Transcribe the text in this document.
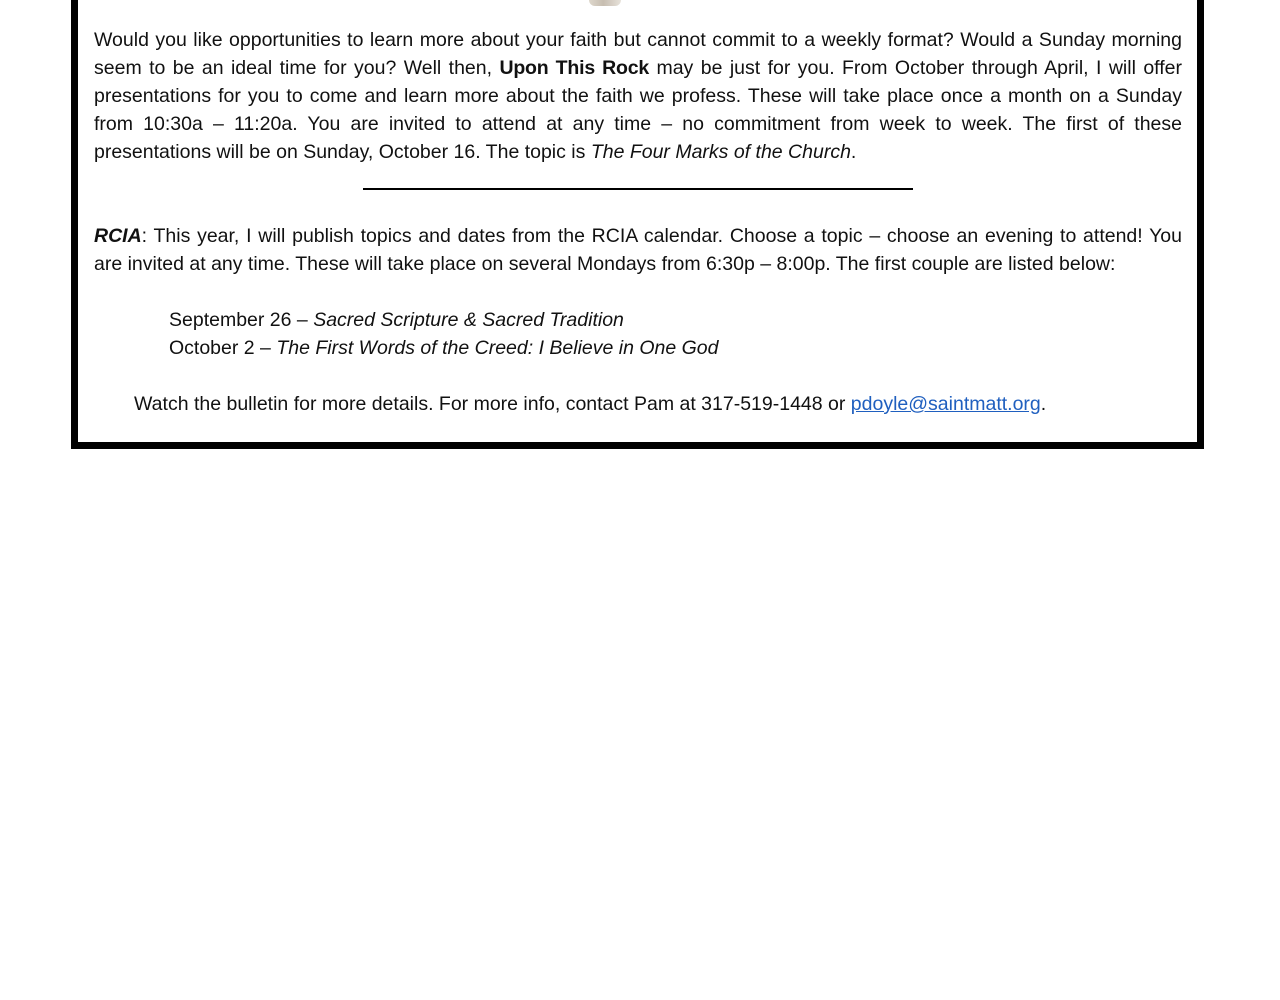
Would you like opportunities to learn more about your faith but cannot commit to a weekly format? Would a Sunday morning seem to be an ideal time for you? Well then, Upon This Rock may be just for you. From October through April, I will offer presentations for you to come and learn more about the faith we profess. These will take place once a month on a Sunday from 10:30a – 11:20a. You are invited to attend at any time – no commitment from week to week. The first of these presentations will be on Sunday, October 16. The topic is The Four Marks of the Church.
RCIA: This year, I will publish topics and dates from the RCIA calendar. Choose a topic – choose an evening to attend! You are invited at any time. These will take place on several Mondays from 6:30p – 8:00p. The first couple are listed below:
September 26 – Sacred Scripture & Sacred Tradition
October 2 – The First Words of the Creed: I Believe in One God
Watch the bulletin for more details. For more info, contact Pam at 317-519-1448 or pdoyle@saintmatt.org.
